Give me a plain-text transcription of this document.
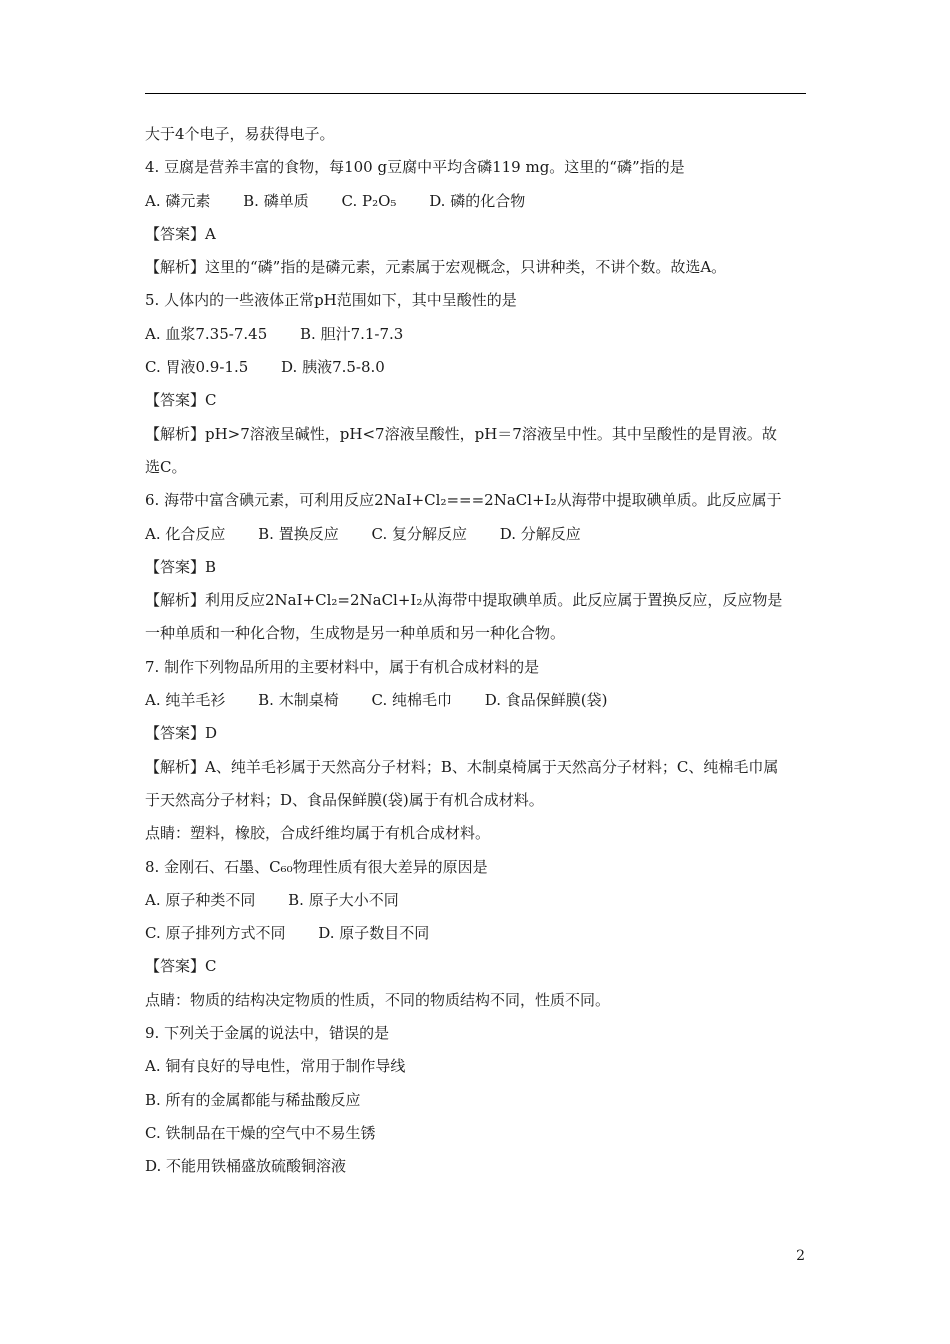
大于4个电子，易获得电子。
4. 豆腐是营养丰富的食物，每100 g豆腐中平均含磷119 mg。这里的“磷”指的是
A. 磷元素 B. 磷单质 C. P₂O₅ D. 磷的化合物
【答案】A
【解析】这里的“磷”指的是磷元素，元素属于宏观概念，只讲种类，不讲个数。故选A。
5. 人体内的一些液体正常pH范围如下，其中呈酸性的是
A. 血浆7.35-7.45 B. 胆汁7.1-7.3
C. 胃液0.9-1.5 D. 胰液7.5-8.0
【答案】C
【解析】pH>7溶液呈碱性，pH<7溶液呈酸性，pH＝7溶液呈中性。其中呈酸性的是胃液。故
选C。
6. 海带中富含碘元素，可利用反应2NaI+Cl₂===2NaCl+I₂从海带中提取碘单质。此反应属于
A. 化合反应 B. 置换反应 C. 复分解反应 D. 分解反应
【答案】B
【解析】利用反应2NaI+Cl₂=2NaCl+I₂从海带中提取碘单质。此反应属于置换反应，反应物是
一种单质和一种化合物，生成物是另一种单质和另一种化合物。
7. 制作下列物品所用的主要材料中，属于有机合成材料的是
A. 纯羊毛衫 B. 木制桌椅 C. 纯棉毛巾 D. 食品保鲜膜(袋)
【答案】D
【解析】A、纯羊毛衫属于天然高分子材料；B、木制桌椅属于天然高分子材料；C、纯棉毛巾属
于天然高分子材料；D、食品保鲜膜(袋)属于有机合成材料。
点睛：塑料，橡胶，合成纤维均属于有机合成材料。
8. 金刚石、石墨、C₆₀物理性质有很大差异的原因是
A. 原子种类不同 B. 原子大小不同
C. 原子排列方式不同 D. 原子数目不同
【答案】C
点睛：物质的结构决定物质的性质，不同的物质结构不同，性质不同。
9. 下列关于金属的说法中，错误的是
A. 铜有良好的导电性，常用于制作导线
B. 所有的金属都能与稀盐酸反应
C. 铁制品在干燥的空气中不易生锈
D. 不能用铁桶盛放硫酸铜溶液
2
